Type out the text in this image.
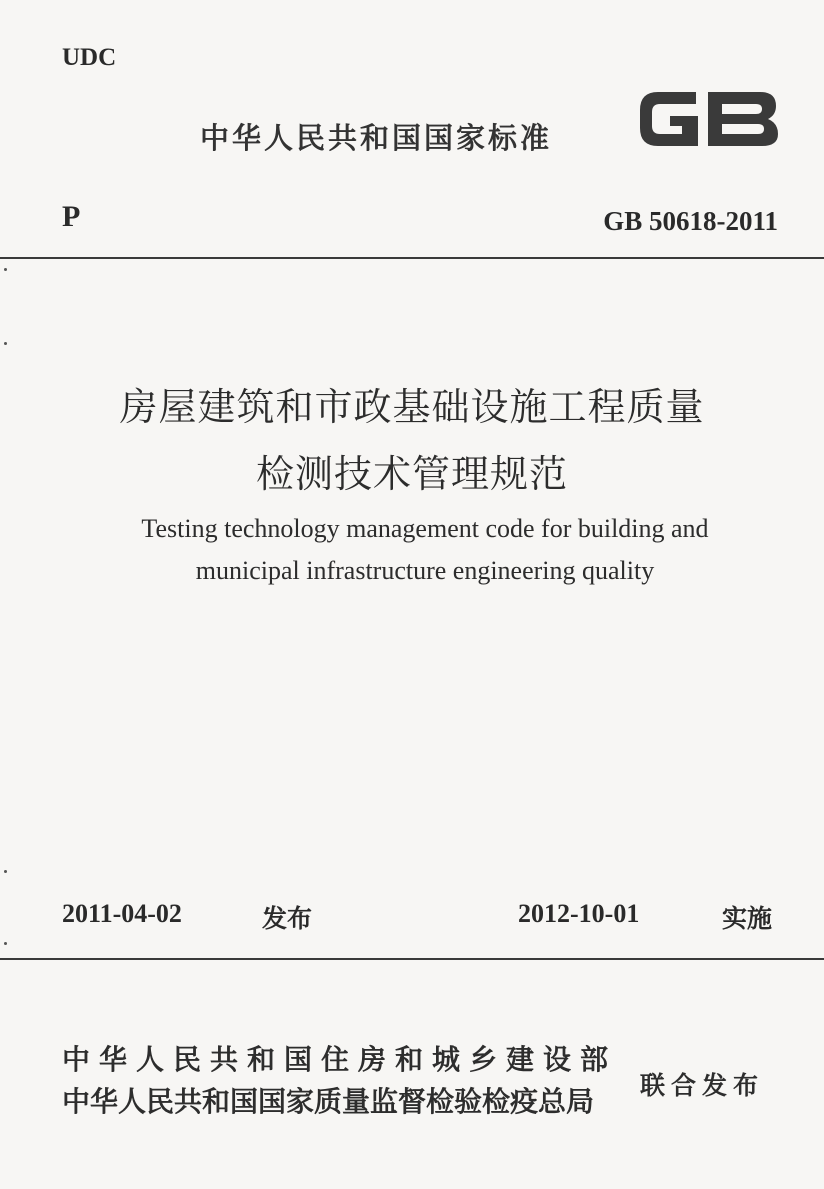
UDC
中华人民共和国国家标准
P	GB 50618-2011
房屋建筑和市政基础设施工程质量
检测技术管理规范
Testing technology management code for building and
municipal infrastructure engineering quality
2011-04-02	发布	2012-10-01	实施
中华人民共和国住房和城乡建设部
中华人民共和国国家质量监督检验检疫总局 联合发布
